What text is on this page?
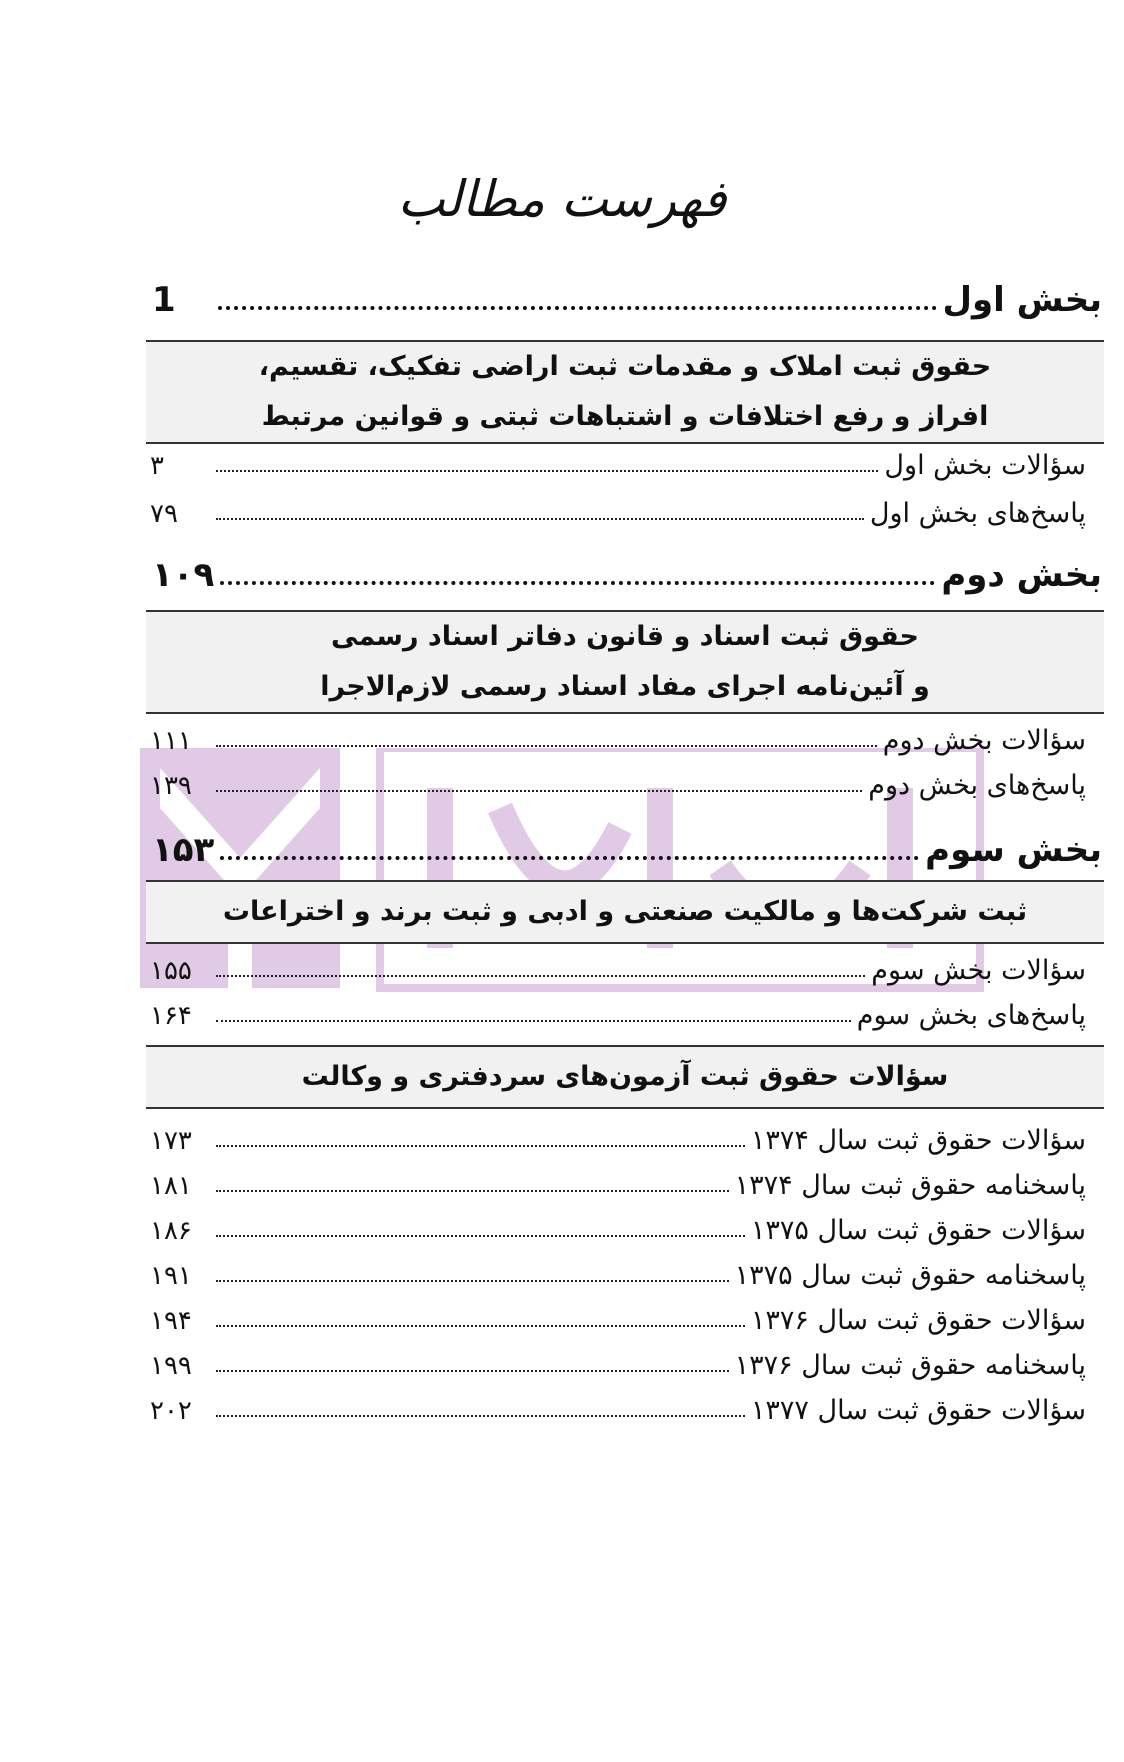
فهرست مطالب
بخش اول
1
حقوق ثبت املاک و مقدمات ثبت اراضی تفکیک، تقسیم،
افراز و رفع اختلافات و اشتباهات ثبتی و قوانین مرتبط
سؤالات بخش اول
۳
پاسخ‌های بخش اول
۷۹
بخش دوم
۱۰۹
حقوق ثبت اسناد و قانون دفاتر اسناد رسمی
و آئین‌نامه اجرای مفاد اسناد رسمی لازم‌الاجرا
سؤالات بخش دوم
۱۱۱
پاسخ‌های بخش دوم
۱۳۹
بخش سوم
۱۵۳
ثبت شرکت‌ها و مالکیت صنعتی و ادبی و ثبت برند و اختراعات
سؤالات بخش سوم
۱۵۵
پاسخ‌های بخش سوم
۱۶۴
سؤالات حقوق ثبت آزمون‌های سردفتری و وکالت
سؤالات حقوق ثبت سال ۱۳۷۴
۱۷۳
پاسخنامه حقوق ثبت سال ۱۳۷۴
۱۸۱
سؤالات حقوق ثبت سال ۱۳۷۵
۱۸۶
پاسخنامه حقوق ثبت سال ۱۳۷۵
۱۹۱
سؤالات حقوق ثبت سال ۱۳۷۶
۱۹۴
پاسخنامه حقوق ثبت سال ۱۳۷۶
۱۹۹
سؤالات حقوق ثبت سال ۱۳۷۷
۲۰۲
